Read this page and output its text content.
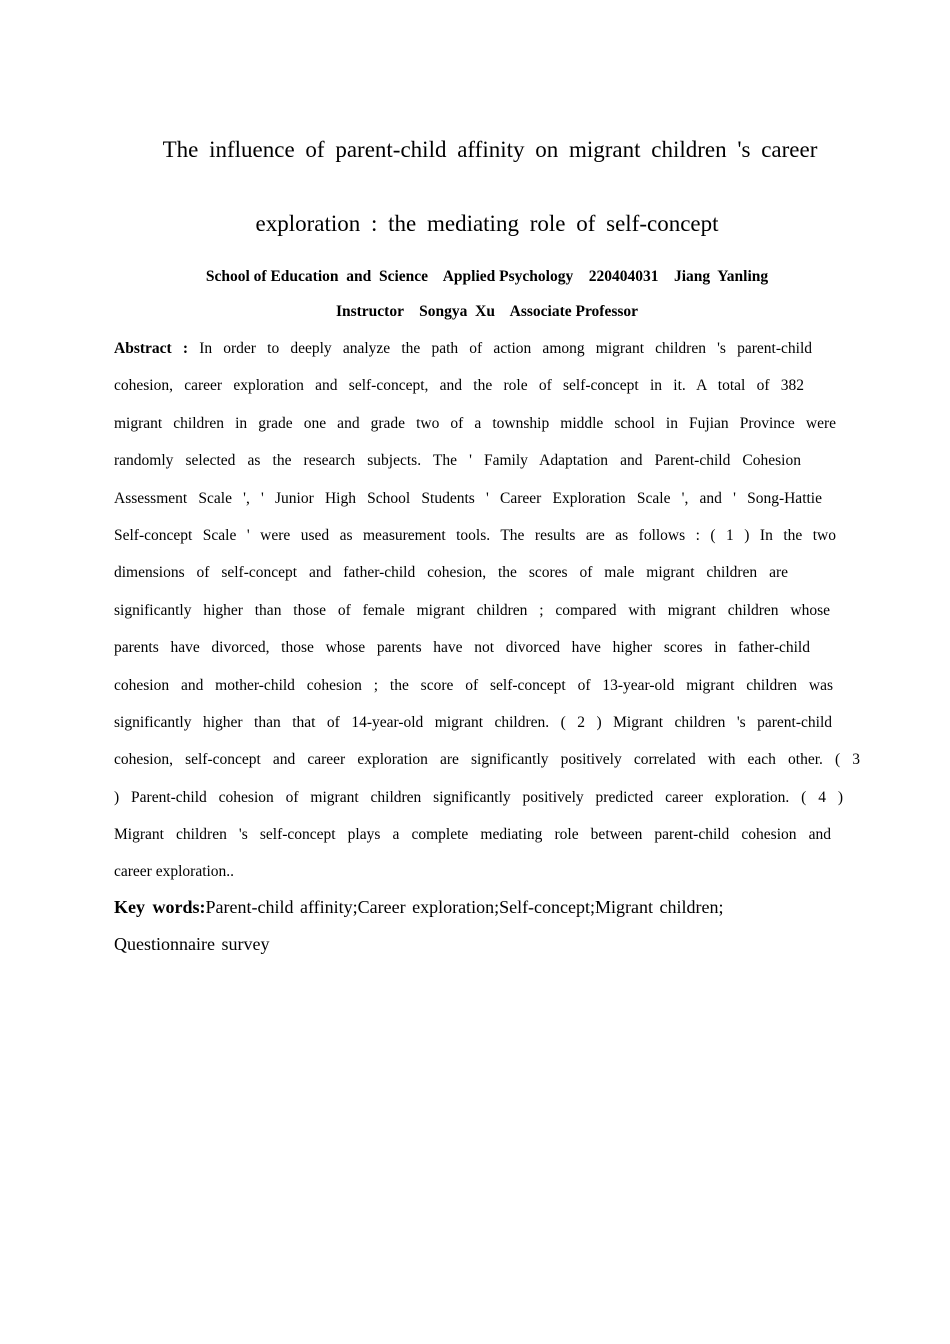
The influence of parent-child affinity on migrant children 's career
exploration : the mediating role of self-concept
School of Education  and  Science    Applied Psychology    220404031    Jiang  Yanling
Instructor    Songya  Xu    Associate Professor
Abstract : In order to deeply analyze the path of action among migrant children 's parent-child
cohesion, career exploration and self-concept, and the role of self-concept in it. A total of 382
migrant children in grade one and grade two of a township middle school in Fujian Province were
randomly selected as the research subjects. The ' Family Adaptation and Parent-child Cohesion
Assessment Scale ', ' Junior High School Students ' Career Exploration Scale ', and ' Song-Hattie
Self-concept Scale ' were used as measurement tools. The results are as follows : ( 1 ) In the two
dimensions of self-concept and father-child cohesion, the scores of male migrant children are
significantly higher than those of female migrant children ; compared with migrant children whose
parents have divorced, those whose parents have not divorced have higher scores in father-child
cohesion and mother-child cohesion ; the score of self-concept of 13-year-old migrant children was
significantly higher than that of 14-year-old migrant children. ( 2 ) Migrant children 's parent-child
cohesion, self-concept and career exploration are significantly positively correlated with each other. ( 3
) Parent-child cohesion of migrant children significantly positively predicted career exploration. ( 4 )
Migrant children 's self-concept plays a complete mediating role between parent-child cohesion and
career exploration..
Key words:Parent-child affinity;Career exploration;Self-concept;Migrant children;
Questionnaire survey
